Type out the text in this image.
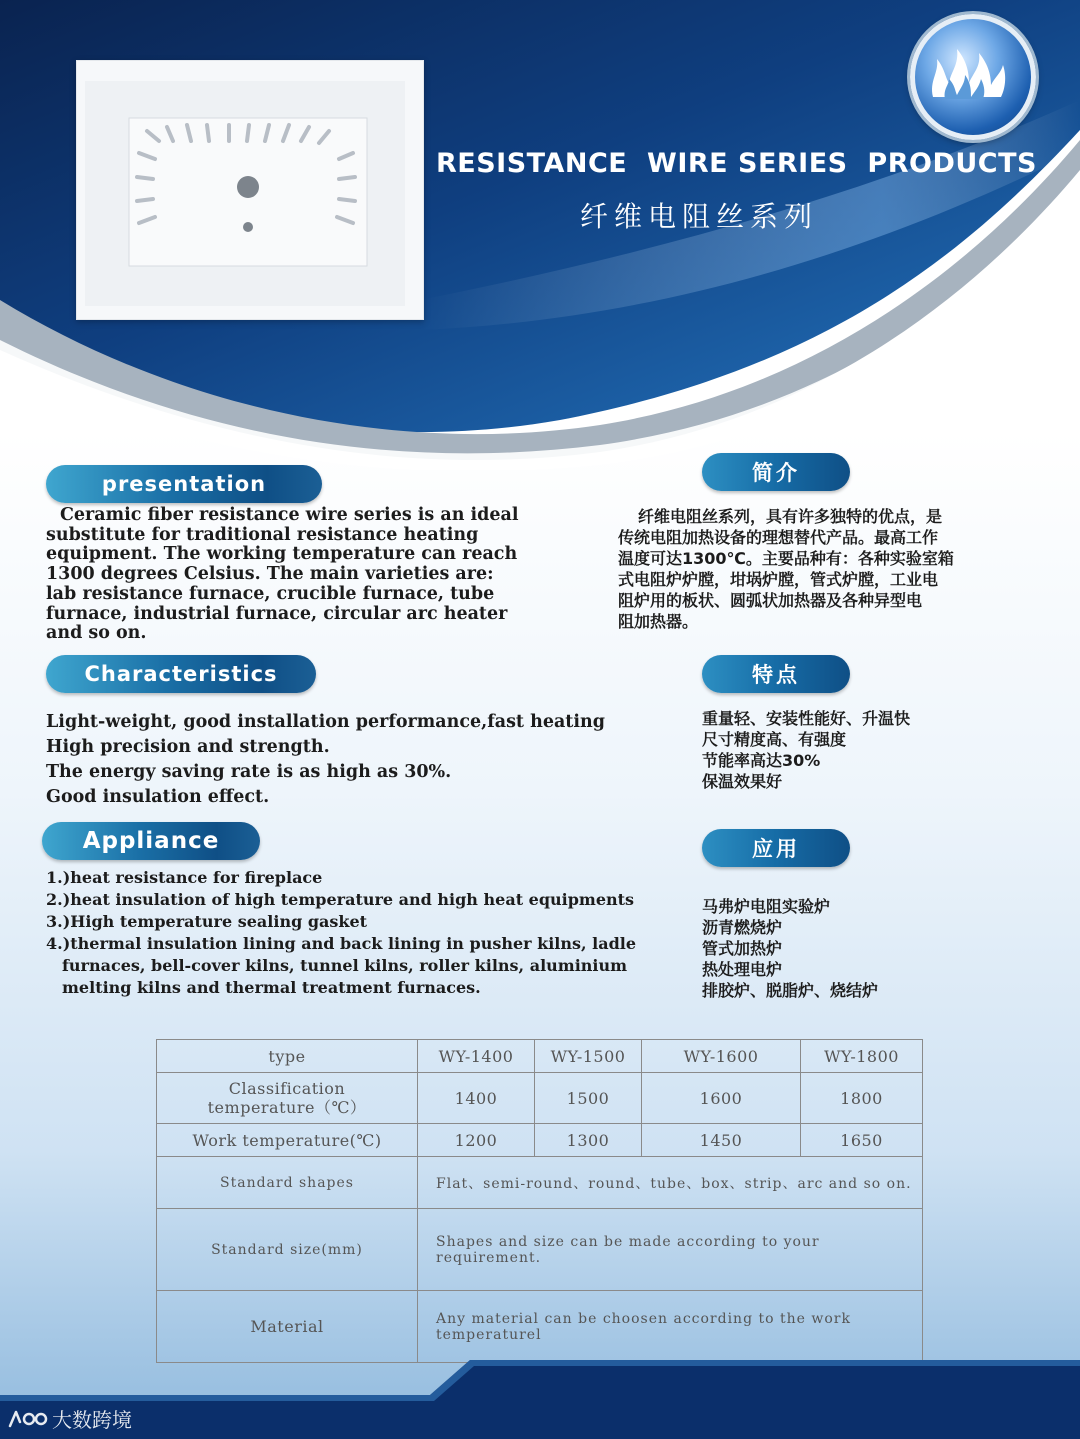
RESISTANCE  WIRE SERIES  PRODUCTS
纤维电阻丝系列
presentation
Ceramic fiber resistance wire series is an ideal
substitute for traditional resistance heating
equipment. The working temperature can reach
1300 degrees Celsius. The main varieties are:
lab resistance furnace, crucible furnace, tube
furnace, industrial furnace, circular arc heater
and so on.
简介
纤维电阻丝系列，具有许多独特的优点，是
传统电阻加热设备的理想替代产品。最高工作
温度可达1300℃。主要品种有：各种实验室箱
式电阻炉炉膛，坩埚炉膛，管式炉膛，工业电
阻炉用的板状、圆弧状加热器及各种异型电
阻加热器。
Characteristics
Light-weight, good installation performance,fast heating
High precision and strength.
The energy saving rate is as high as 30%.
Good insulation effect.
特点
重量轻、安装性能好、升温快
尺寸精度高、有强度
节能率高达30%
保温效果好
Appliance
1.)heat resistance for fireplace
2.)heat insulation of high temperature and high heat equipments
3.)High temperature sealing gasket
4.)thermal insulation lining and back lining in pusher kilns, ladle
furnaces, bell-cover kilns, tunnel kilns, roller kilns, aluminium
melting kilns and thermal treatment furnaces.
应用
马弗炉电阻实验炉
沥青燃烧炉
管式加热炉
热处理电炉
排胶炉、脱脂炉、烧结炉
type	WY-1400	WY-1500	WY-1600	WY-1800

Classification
temperature（℃）	1400	1500	1600	1800
Work temperature(℃)	1200	1300	1450	1650
Standard shapes	Flat、semi-round、round、tube、box、strip、arc and so on.			
Standard size(mm)	Shapes and size can be made according to your requirement.			
Material	Any material can be choosen according to the work temperaturel			
大数跨境
